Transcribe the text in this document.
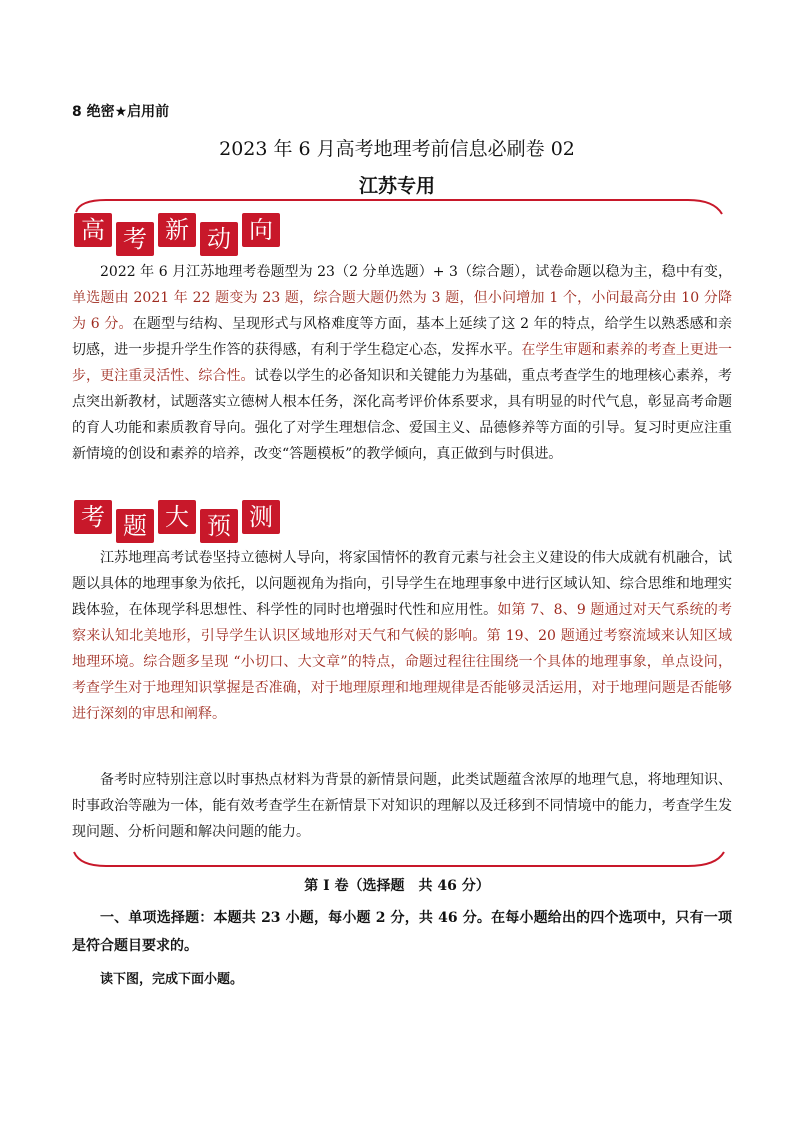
8 绝密★启用前
2023 年 6 月高考地理考前信息必刷卷 02
江苏专用
高 考 新 动 向

2022 年 6 月江苏地理考卷题型为 23（2 分单选题）+ 3（综合题），试卷命题以稳为主，稳中有变，单选题由 2021 年 22 题变为 23 题，综合题大题仍然为 3 题，但小问增加 1 个，小问最高分由 10 分降为 6 分。在题型与结构、呈现形式与风格难度等方面，基本上延续了这 2 年的特点，给学生以熟悉感和亲切感，进一步提升学生作答的获得感，有利于学生稳定心态，发挥水平。在学生审题和素养的考查上更进一步，更注重灵活性、综合性。试卷以学生的必备知识和关键能力为基础，重点考查学生的地理核心素养，考点突出新教材，试题落实立德树人根本任务，深化高考评价体系要求，具有明显的时代气息，彰显高考命题的育人功能和素质教育导向。强化了对学生理想信念、爱国主义、品德修养等方面的引导。复习时更应注重新情境的创设和素养的培养，改变“答题模板”的教学倾向，真正做到与时俱进。

考 题 大 预 测

江苏地理高考试卷坚持立德树人导向，将家国情怀的教育元素与社会主义建设的伟大成就有机融合，试题以具体的地理事象为依托，以问题视角为指向，引导学生在地理事象中进行区域认知、综合思维和地理实践体验，在体现学科思想性、科学性的同时也增强时代性和应用性。如第 7、8、9 题通过对天气系统的考察来认知北美地形，引导学生认识区域地形对天气和气候的影响。第 19、20 题通过考察流域来认知区域地理环境。综合题多呈现 “小切口、大文章”的特点，命题过程往往围绕一个具体的地理事象，单点设问，考查学生对于地理知识掌握是否准确，对于地理原理和地理规律是否能够灵活运用，对于地理问题是否能够进行深刻的审思和阐释。

备考时应特别注意以时事热点材料为背景的新情景问题，此类试题蕴含浓厚的地理气息，将地理知识、时事政治等融为一体，能有效考查学生在新情景下对知识的理解以及迁移到不同情境中的能力，考查学生发现问题、分析问题和解决问题的能力。

第 I 卷（选择题　共 46 分）

一、单项选择题：本题共 23 小题，每小题 2 分，共 46 分。在每小题给出的四个选项中，只有一项是符合题目要求的。

读下图，完成下面小题。
